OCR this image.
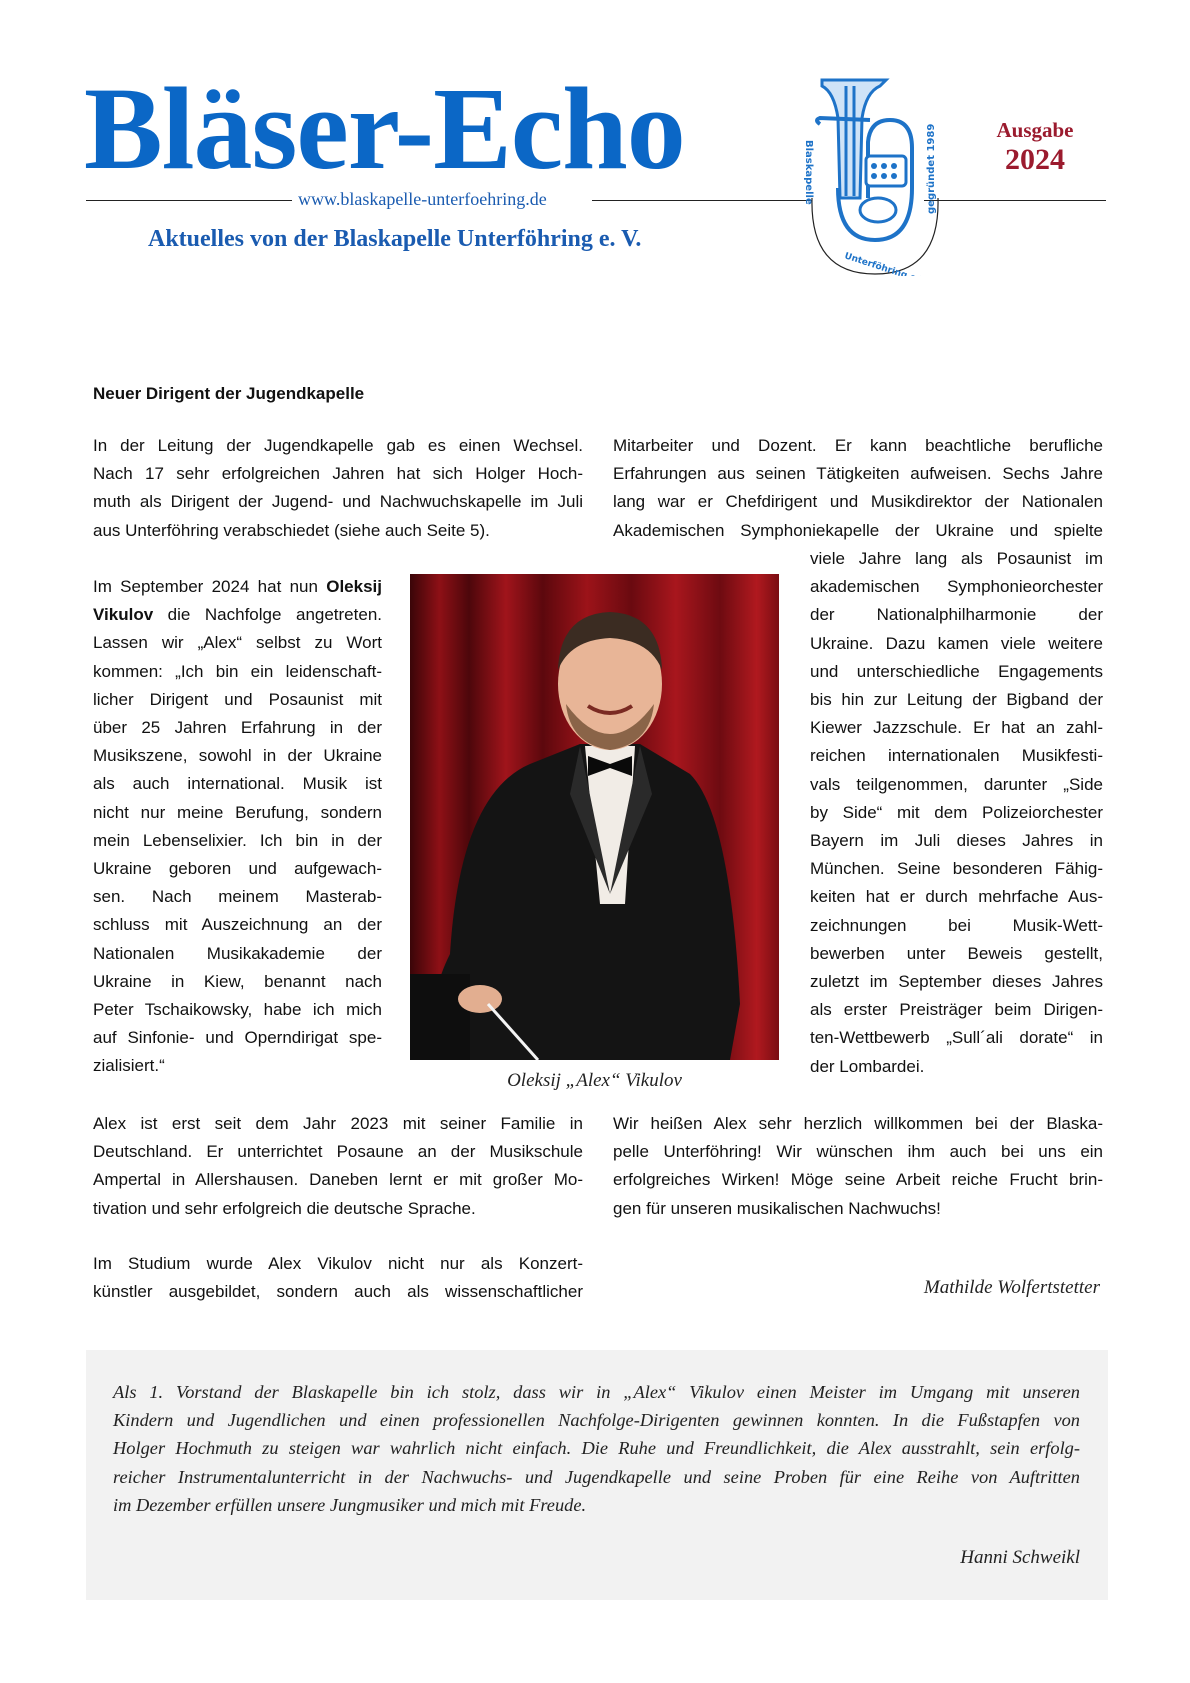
Bläser-Echo
www.blaskapelle-unterfoehring.de
Aktuelles von der Blaskapelle Unterföhring e. V.
Blaskapelle
Unterföhring e.V.
gegründet 1989	Ausgabe
2024
Neuer Dirigent der Jugendkapelle
In der Leitung der Jugendkapelle gab es einen Wechsel.
Nach 17 sehr erfolgreichen Jahren hat sich Holger Hoch-
muth als Dirigent der Jugend- und Nachwuchskapelle im Juli
aus Unterföhring verabschiedet (siehe auch Seite 5).
Im September 2024 hat nun Oleksij
Vikulov die Nachfolge angetreten.
Lassen wir „Alex“ selbst zu Wort
kommen: „Ich bin ein leidenschaft-
licher Dirigent und Posaunist mit
über 25 Jahren Erfahrung in der
Musikszene, sowohl in der Ukraine
als auch international. Musik ist
nicht nur meine Berufung, sondern
mein Lebenselixier. Ich bin in der
Ukraine geboren und aufgewach-
sen. Nach meinem Masterab-
schluss mit Auszeichnung an der
Nationalen Musikakademie der
Ukraine in Kiew, benannt nach
Peter Tschaikowsky, habe ich mich
auf Sinfonie- und Operndirigat spe-
zialisiert.“
Oleksij „Alex“ Vikulov
Mitarbeiter und Dozent. Er kann beachtliche berufliche
Erfahrungen aus seinen Tätigkeiten aufweisen. Sechs Jahre
lang war er Chefdirigent und Musikdirektor der Nationalen
Akademischen Symphoniekapelle der Ukraine und spielte
viele Jahre lang als Posaunist im
akademischen Symphonieorchester
der Nationalphilharmonie der
Ukraine. Dazu kamen viele weitere
und unterschiedliche Engagements
bis hin zur Leitung der Bigband der
Kiewer Jazzschule. Er hat an zahl-
reichen internationalen Musikfesti-
vals teilgenommen, darunter „Side
by Side“ mit dem Polizeiorchester
Bayern im Juli dieses Jahres in
München. Seine besonderen Fähig-
keiten hat er durch mehrfache Aus-
zeichnungen bei Musik-Wett-
bewerben unter Beweis gestellt,
zuletzt im September dieses Jahres
als erster Preisträger beim Dirigen-
ten-Wettbewerb „Sull´ali dorate“ in
der Lombardei.
Alex ist erst seit dem Jahr 2023 mit seiner Familie in
Deutschland. Er unterrichtet Posaune an der Musikschule
Ampertal in Allershausen. Daneben lernt er mit großer Mo-
tivation und sehr erfolgreich die deutsche Sprache.
Im Studium wurde Alex Vikulov nicht nur als Konzert-
künstler ausgebildet, sondern auch als wissenschaftlicher
Wir heißen Alex sehr herzlich willkommen bei der Blaska-
pelle Unterföhring! Wir wünschen ihm auch bei uns ein
erfolgreiches Wirken! Möge seine Arbeit reiche Frucht brin-
gen für unseren musikalischen Nachwuchs!
Mathilde Wolfertstetter
Als 1. Vorstand der Blaskapelle bin ich stolz, dass wir in „Alex“ Vikulov einen Meister im Umgang mit unseren
Kindern und Jugendlichen und einen professionellen Nachfolge-Dirigenten gewinnen konnten. In die Fußstapfen von
Holger Hochmuth zu steigen war wahrlich nicht einfach. Die Ruhe und Freundlichkeit, die Alex ausstrahlt, sein erfolg-
reicher Instrumentalunterricht in der Nachwuchs- und Jugendkapelle und seine Proben für eine Reihe von Auftritten
im Dezember erfüllen unsere Jungmusiker und mich mit Freude.
Hanni Schweikl
